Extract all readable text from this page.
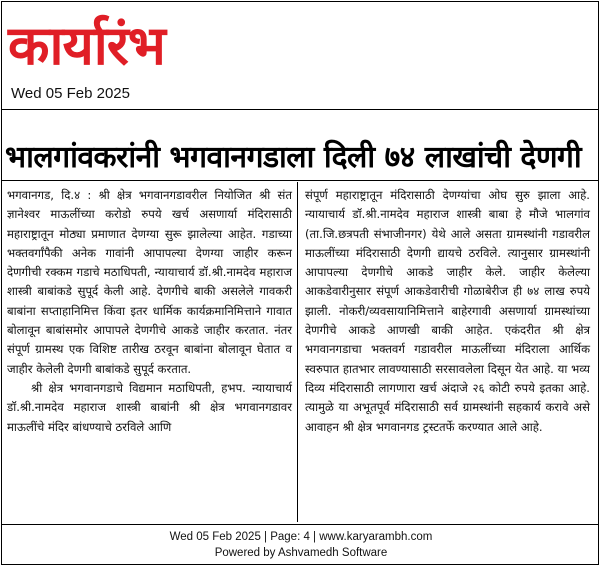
कार्यारंभ
Wed 05 Feb 2025
भालगांवकरांनी भगवानगडाला दिली ७४ लाखांची देणगी

भगवानगड, दि.४ : श्री क्षेत्र भगवानगडावरील नियोजित श्री संत ज्ञानेश्वर माऊलींच्या करोडो रुपये खर्च असणार्या मंदिरासाठी महाराष्ट्रातून मोठ्या प्रमाणात देणग्या सुरू झालेल्या आहेत. गडाच्या भक्तवर्गांपैकी अनेक गावांनी आपापल्या देणग्या जाहीर करून देणगीची रक्कम गडाचे मठाधिपती, न्यायाचार्य डॉ.श्री.नामदेव महाराज शास्त्री बाबांकडे सुपूर्द केली आहे. देणगीचे बाकी असलेले गावकरी बाबांना सप्ताहानिमित्त किंवा इतर धार्मिक कार्यक्रमानिमित्ताने गावात बोलावून बाबांसमोर आपापले देणगीचे आकडे जाहीर करतात. नंतर संपूर्ण ग्रामस्थ एक विशिष्ट तारीख ठरवून बाबांना बोलावून घेतात व जाहीर केलेली देणगी बाबांकडे सुपूर्द करतात.

श्री क्षेत्र भगवानगडाचे विद्यमान मठाधिपती, हभप. न्यायाचार्य डॉ.श्री.नामदेव महाराज शास्त्री बाबांनी श्री क्षेत्र भगवानगडावर माऊलींचे मंदिर बांधण्याचे ठरविले आणि

संपूर्ण महाराष्ट्रातून मंदिरासाठी देणग्यांचा ओघ सुरु झाला आहे. न्यायाचार्य डॉ.श्री.नामदेव महाराज शास्त्री बाबा हे मौजे भालगांव (ता.जि.छत्रपती संभाजीनगर) येथे आले असता ग्रामस्थांनी गडावरील माऊलींच्या मंदिरासाठी देणगी द्यायचे ठरविले. त्यानुसार ग्रामस्थांनी आपापल्या देणगीचे आकडे जाहीर केले. जाहीर केलेल्या आकडेवारीनुसार संपूर्ण आकडेवारीची गोळाबेरीज ही ७४ लाख रुपये झाली. नोकरी/व्यवसायानिमित्ताने बाहेरगावी असणार्या ग्रामस्थांच्या देणगीचे आकडे आणखी बाकी आहेत. एकंदरीत श्री क्षेत्र भगवानगडाचा भक्तवर्ग गडावरील माऊलींच्या मंदिराला आर्थिक स्वरुपात हातभार लावण्यासाठी सरसावलेला दिसून येत आहे. या भव्य दिव्य मंदिरासाठी लागणारा खर्च अंदाजे २६ कोटी रुपये इतका आहे. त्यामुळे या अभूतपूर्व मंदिरासाठी सर्व ग्रामस्थांनी सहकार्य करावे असे आवाहन श्री क्षेत्र भगवानगड ट्रस्टतर्फे करण्यात आले आहे.

Wed 05 Feb 2025 | Page: 4 | www.karyarambh.com
Powered by Ashvamedh Software
